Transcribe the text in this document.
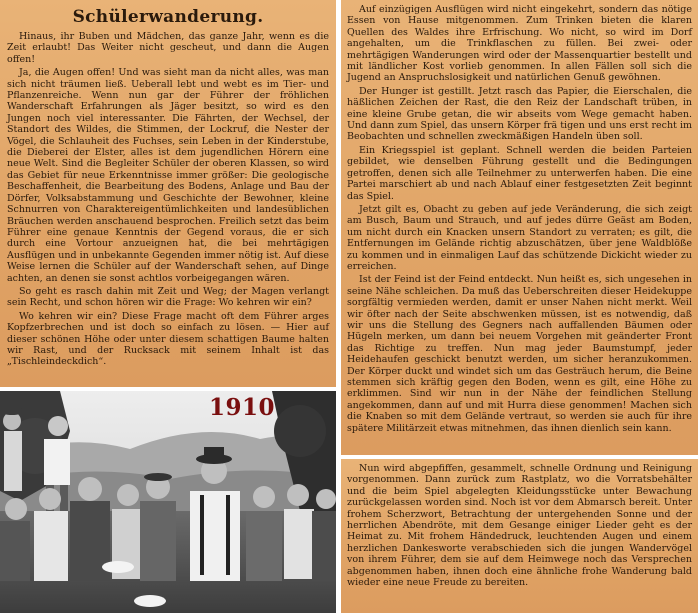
Schülerwanderung.

Hinaus, ihr Buben und Mädchen, das ganze Jahr, wenn es die Zeit erlaubt! Das Weiter nicht gescheut, und dann die Augen offen!

Ja, die Augen offen! Und was sieht man da nicht alles, was man sich nicht träumen ließ. Ueberall lebt und webt es im Tier- und Pflanzenreiche. Wenn nun gar der Führer der fröhlichen Wanderschaft Erfahrungen als Jäger besitzt, so wird es den Jungen noch viel interessanter. Die Fährten, der Wechsel, der Standort des Wildes, die Stimmen, der Lockruf, die Nester der Vögel, die Schlauheit des Fuchses, sein Leben in der Kinderstube, die Dieberei der Elster, alles ist dem jugendlichen Hörern eine neue Welt. Sind die Begleiter Schüler der oberen Klassen, so wird das Gebiet für neue Erkenntnisse immer größer: Die geologische Beschaffenheit, die Bearbeitung des Bodens, Anlage und Bau der Dörfer, Volksabstammung und Geschichte der Bewohner, kleine Schnurren von Charaktereigentümlichkeiten und landesüblichen Bräuchen werden anschauend besprochen. Freilich setzt das beim Führer eine genaue Kenntnis der Gegend voraus, die er sich durch eine Vortour anzueignen hat, die bei mehrtägigen Ausflügen und in unbekannte Gegenden immer nötig ist. Auf diese Weise lernen die Schüler auf der Wanderschaft sehen, auf Dinge achten, an denen sie sonst achtlos vorbeigegangen wären.

So geht es rasch dahin mit Zeit und Weg; der Magen verlangt sein Recht, und schon hören wir die Frage: Wo kehren wir ein?

Wo kehren wir ein? Diese Frage macht oft dem Führer arges Kopfzerbrechen und ist doch so einfach zu lösen. — Hier auf dieser schönen Höhe oder unter diesem schattigen Baume halten wir Rast, und der Rucksack mit seinem Inhalt ist das „Tischleindeckdich“.

Auf einzügigen Ausflügen wird nicht eingekehrt, sondern das nötige Essen von Hause mitgenommen. Zum Trinken bieten die klaren Quellen des Waldes ihre Erfrischung. Wo nicht, so wird im Dorf angehalten, um die Trinkflaschen zu füllen. Bei zwei- oder mehrtägigen Wanderungen wird oder der Massenquartier bestellt und mit ländlicher Kost vorlieb genommen. In allen Fällen soll sich die Jugend an Anspruchslosigkeit und natürlichen Genuß gewöhnen.

Der Hunger ist gestillt. Jetzt rasch das Papier, die Eierschalen, die häßlichen Zeichen der Rast, die den Reiz der Landschaft trüben, in eine kleine Grube getan, die wir abseits vom Wege gemacht haben. Und dann zum Spiel, das unsern Körper frä tigen und uns erst recht im Beobachten und schnellen zweckmäßigen Handeln üben soll.

Ein Kriegsspiel ist geplant. Schnell werden die beiden Parteien gebildet, wie denselben Führung gestellt und die Bedingungen getroffen, denen sich alle Teilnehmer zu unterwerfen haben. Die eine Partei marschiert ab und nach Ablauf einer festgesetzten Zeit beginnt das Spiel.

Jetzt gilt es, Obacht zu geben auf jede Veränderung, die sich zeigt am Busch, Baum und Strauch, und auf jedes dürre Geäst am Boden, um nicht durch ein Knacken unsern Standort zu verraten; es gilt, die Entfernungen im Gelände richtig abzuschätzen, über jene Waldblöße zu kommen und in einmaligen Lauf das schützende Dickicht wieder zu erreichen.

Ist der Feind ist der Feind entdeckt. Nun heißt es, sich ungesehen in seine Nähe schleichen. Da muß das Ueberschreiten dieser Heidekuppe sorgfältig vermieden werden, damit er unser Nahen nicht merkt. Weil wir öfter nach der Seite abschwenken müssen, ist es notwendig, daß wir uns die Stellung des Gegners nach auffallenden Bäumen oder Hügeln merken, um dann bei neuem Vorgehen mit geänderter Front das Richtige zu treffen. Nun mag jeder Baumstumpf, jeder Heidehaufen geschickt benutzt werden, um sicher heranzukommen. Der Körper duckt und windet sich um das Gesträuch herum, die Beine stemmen sich kräftig gegen den Boden, wenn es gilt, eine Höhe zu erklimmen. Sind wir nun in der Nähe der feindlichen Stellung angekommen, dann auf und mit Hurra diese genommen! Machen sich die Knaben so mit dem Gelände vertraut, so werden sie auch für ihre spätere Militärzeit etwas mitnehmen, das ihnen dienlich sein kann.

Nun wird abgepfiffen, gesammelt, schnelle Ordnung und Reinigung vorgenommen. Dann zurück zum Rastplatz, wo die Vorratsbehälter und die beim Spiel abgelegten Kleidungsstücke unter Bewachung zurückgelassen worden sind. Noch ist vor dem Abmarsch bereit. Unter frohem Scherzwort, Betrachtung der untergehenden Sonne und der herrlichen Abendröte, mit dem Gesange einiger Lieder geht es der Heimat zu. Mit frohem Händedruck, leuchtenden Augen und einem herzlichen Dankesworte verabschieden sich die jungen Wandervögel von ihrem Führer, dem sie auf dem Heimwege noch das Versprechen abgenommen haben, ihnen doch eine ähnliche frohe Wanderung bald wieder eine neue Freude zu bereiten.

1910
